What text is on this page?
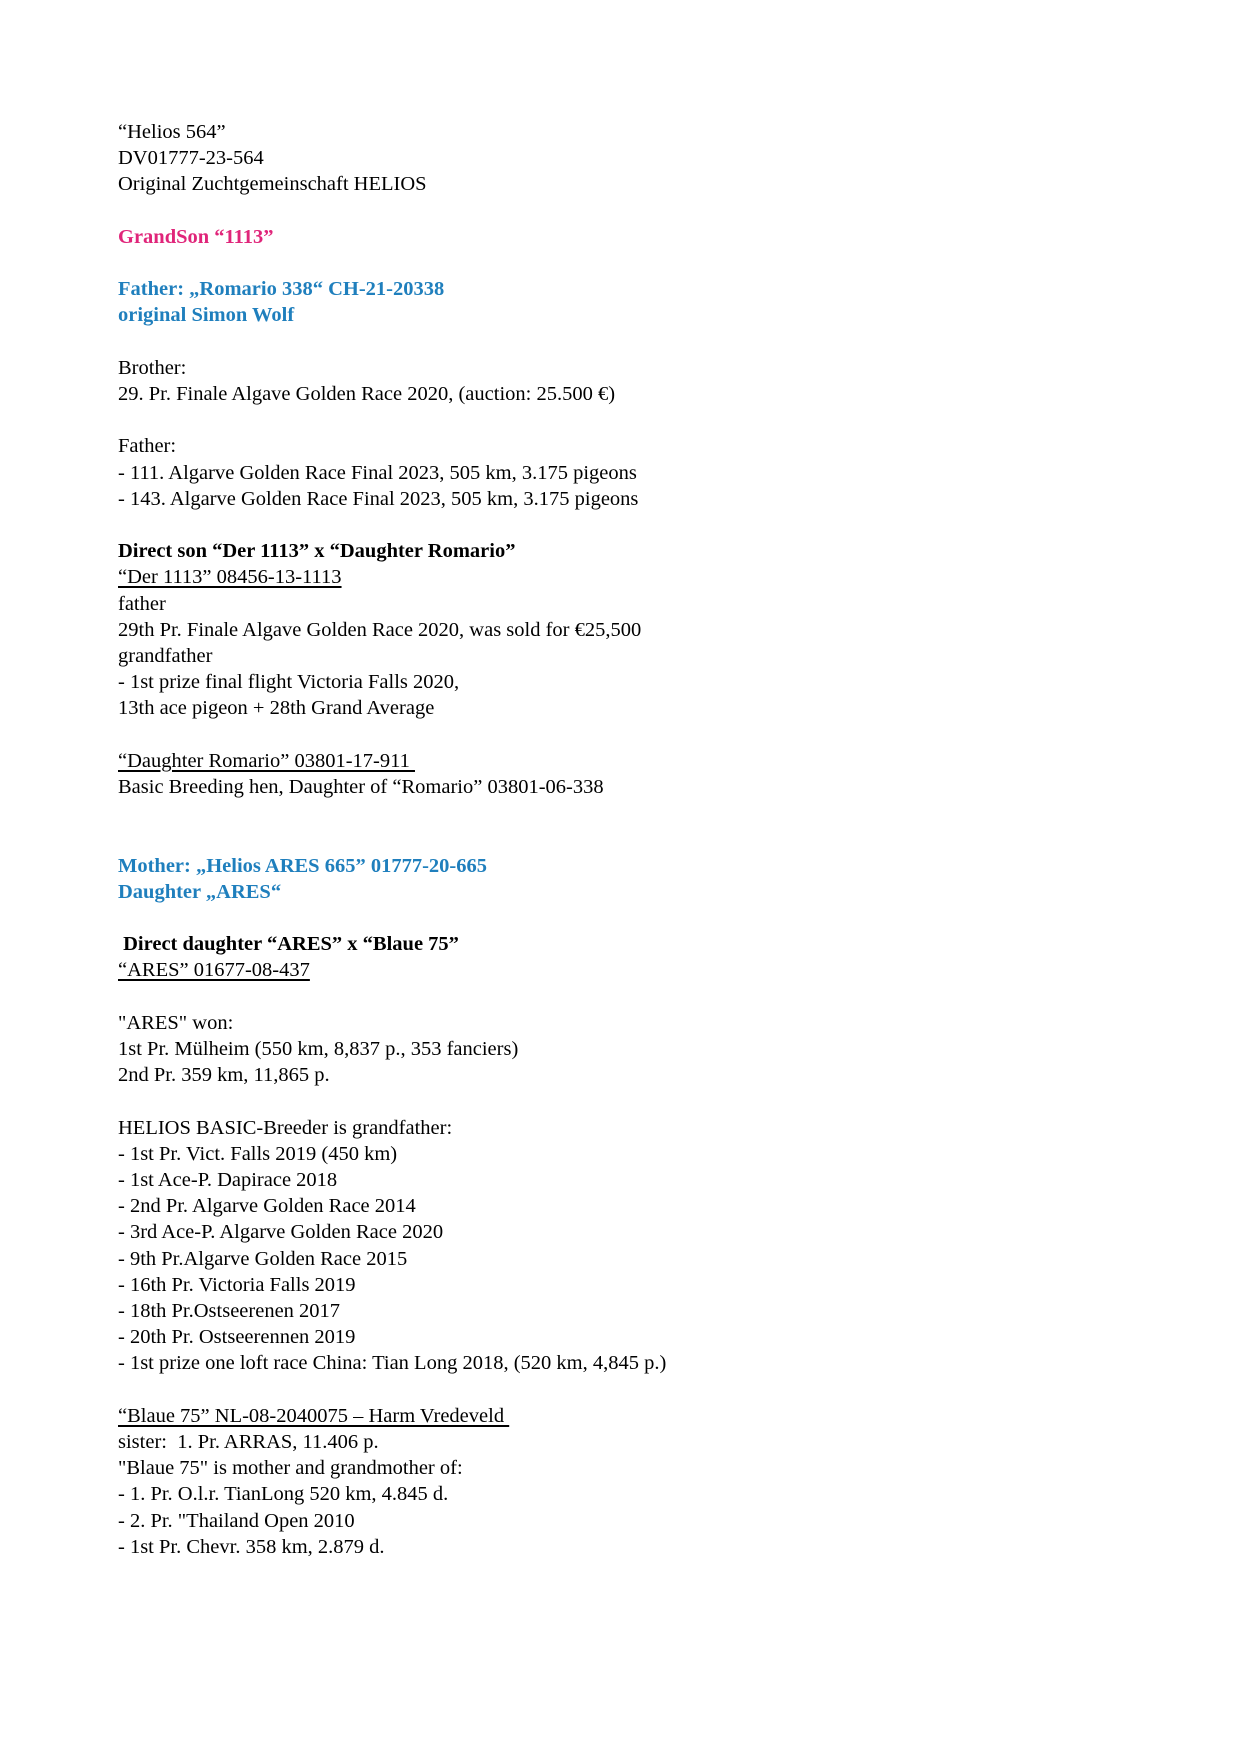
“Helios 564”
DV01777-23-564
Original Zuchtgemeinschaft HELIOS
GrandSon “1113”
Father: „Romario 338“ CH-21-20338
original Simon Wolf
Brother:
29. Pr. Finale Algave Golden Race 2020, (auction: 25.500 €)
Father:
- 111. Algarve Golden Race Final 2023, 505 km, 3.175 pigeons
- 143. Algarve Golden Race Final 2023, 505 km, 3.175 pigeons
Direct son “Der 1113” x “Daughter Romario”
“Der 1113” 08456-13-1113
father
29th Pr. Finale Algave Golden Race 2020, was sold for €25,500
grandfather
- 1st prize final flight Victoria Falls 2020,
13th ace pigeon + 28th Grand Average
“Daughter Romario” 03801-17-911
Basic Breeding hen, Daughter of “Romario” 03801-06-338
Mother: „Helios ARES 665” 01777-20-665
Daughter „ARES“
Direct daughter “ARES” x “Blaue 75”
“ARES” 01677-08-437
"ARES" won:
1st Pr. Mülheim (550 km, 8,837 p., 353 fanciers)
2nd Pr. 359 km, 11,865 p.
HELIOS BASIC-Breeder is grandfather:
- 1st Pr. Vict. Falls 2019 (450 km)
- 1st Ace-P. Dapirace 2018
- 2nd Pr. Algarve Golden Race 2014
- 3rd Ace-P. Algarve Golden Race 2020
- 9th Pr.Algarve Golden Race 2015
- 16th Pr. Victoria Falls 2019
- 18th Pr.Ostseerenen 2017
- 20th Pr. Ostseerennen 2019
- 1st prize one loft race China: Tian Long 2018, (520 km, 4,845 p.)
“Blaue 75” NL-08-2040075 – Harm Vredeveld
sister:  1. Pr. ARRAS, 11.406 p.
"Blaue 75" is mother and grandmother of:
- 1. Pr. O.l.r. TianLong 520 km, 4.845 d.
- 2. Pr. "Thailand Open 2010
- 1st Pr. Chevr. 358 km, 2.879 d.
